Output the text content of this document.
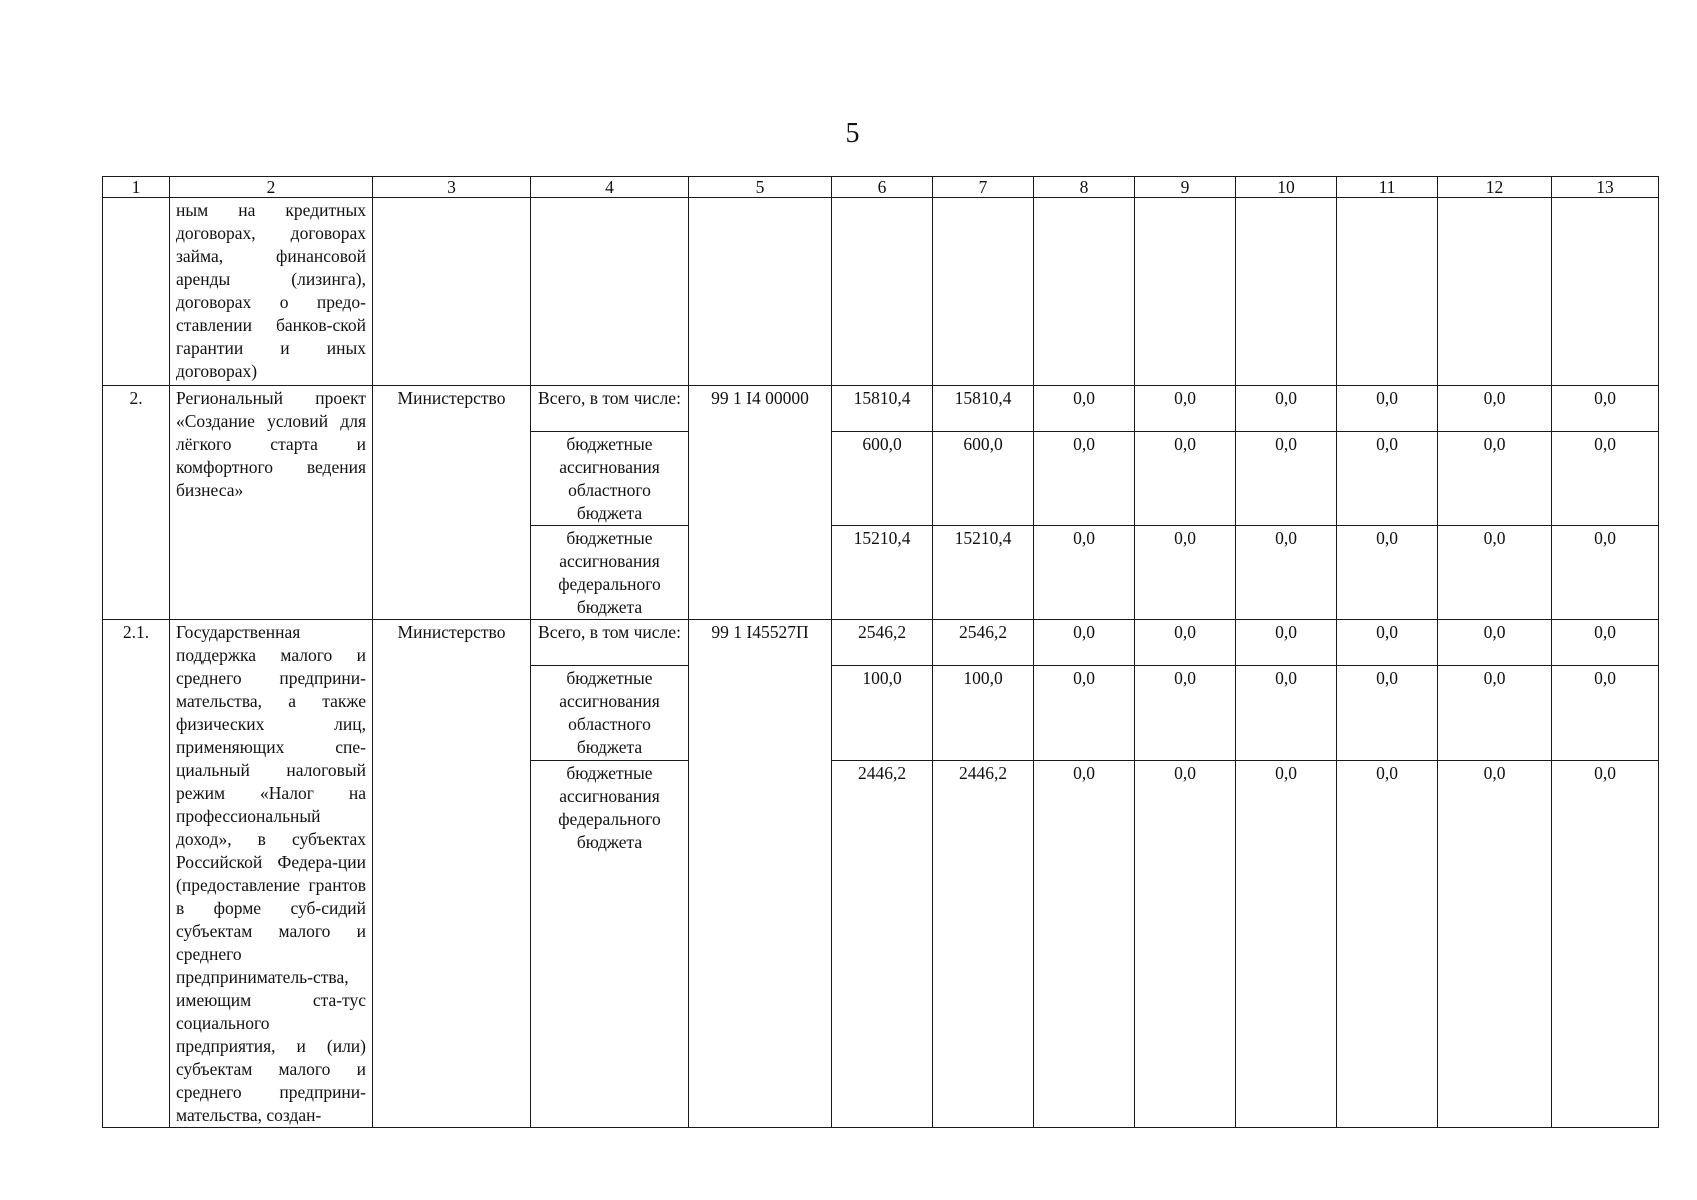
5
1	2	3	4	5	6	7	8	9	10	11	12	13
	ным на кредитных договорах, договорах займа, финансовой аренды (лизинга), договорах о предо-ставлении банков-ской гарантии и иных договорах)											
2.	Региональный проект «Создание условий для лёгкого старта и комфортного ведения бизнеса»	Министерство	Всего, в том числе:	99 1 I4 00000	15810,4	15810,4	0,0	0,0	0,0	0,0	0,0	0,0
			бюджетные ассигнования областного бюджета		600,0	600,0	0,0	0,0	0,0	0,0	0,0	0,0
			бюджетные ассигнования федерального бюджета		15210,4	15210,4	0,0	0,0	0,0	0,0	0,0	0,0
2.1.	Государственная поддержка малого и среднего предприни-мательства, а также физических лиц, применяющих спе-циальный налоговый режим «Налог на профессиональный доход», в субъектах Российской Федера-ции (предоставление грантов в форме суб-сидий субъектам малого и среднего предприниматель-ства, имеющим ста-тус социального предприятия, и (или) субъектам малого и среднего предприни-мательства, создан-	Министерство	Всего, в том числе:	99 1 I45527П	2546,2	2546,2	0,0	0,0	0,0	0,0	0,0	0,0
			бюджетные ассигнования областного бюджета		100,0	100,0	0,0	0,0	0,0	0,0	0,0	0,0
			бюджетные ассигнования федерального бюджета		2446,2	2446,2	0,0	0,0	0,0	0,0	0,0	0,0
